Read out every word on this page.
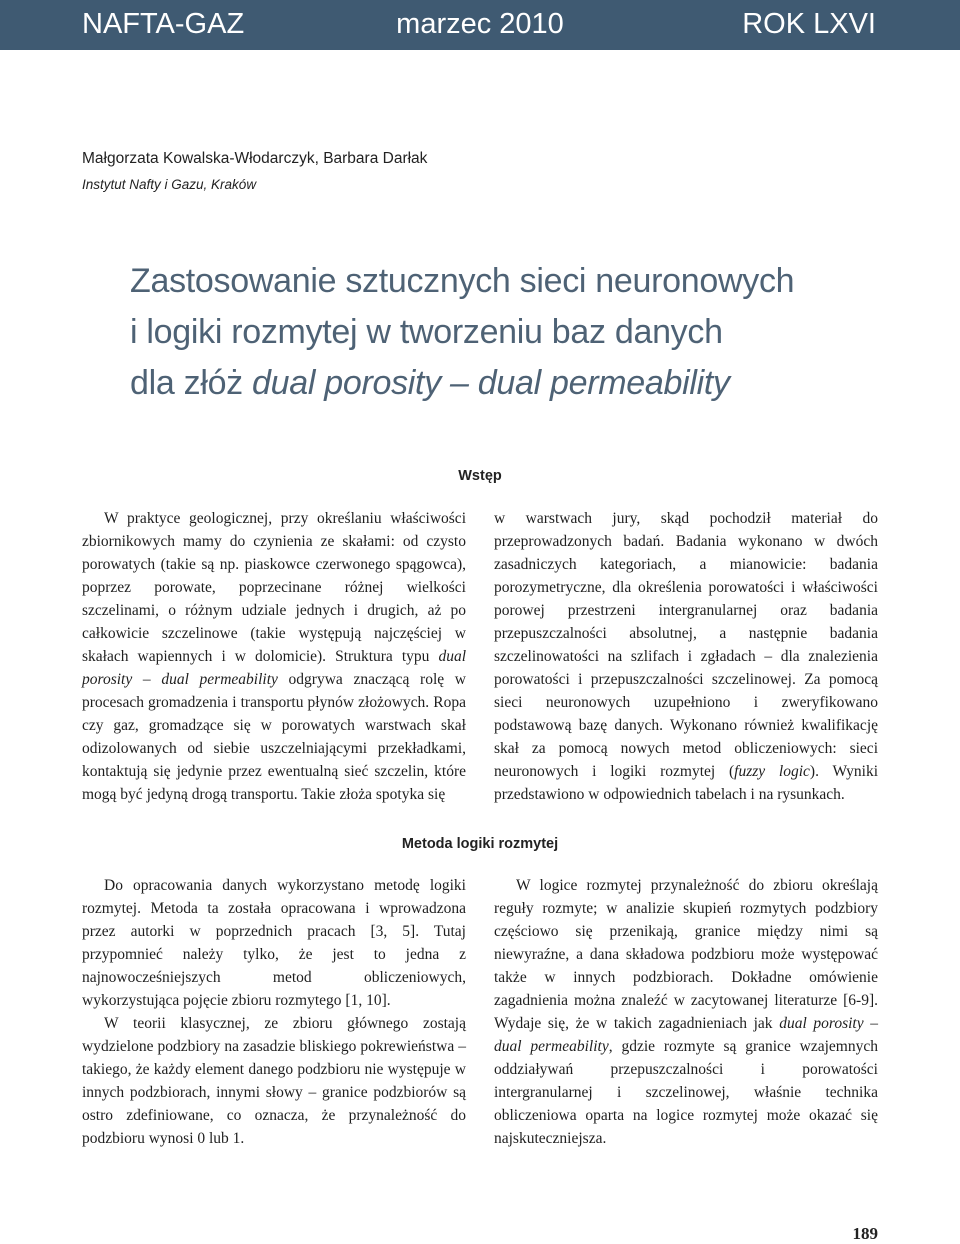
NAFTA-GAZ	marzec 2010	ROK LXVI
Małgorzata Kowalska-Włodarczyk, Barbara Darłak
Instytut Nafty i Gazu, Kraków
Zastosowanie sztucznych sieci neuronowych
i logiki rozmytej w tworzeniu baz danych
dla złóż dual porosity – dual permeability
Wstęp

W praktyce geologicznej, przy określaniu właściwości zbiornikowych mamy do czynienia ze skałami: od czysto porowatych (takie są np. piaskowce czerwonego spągowca), poprzez porowate, poprzecinane różnej wielkości szczelinami, o różnym udziale jednych i drugich, aż po całkowicie szczelinowe (takie występują najczęściej w skałach wapiennych i w dolomicie). Struktura typu dual porosity – dual permeability odgrywa znaczącą rolę w procesach gromadzenia i transportu płynów złożowych. Ropa czy gaz, gromadzące się w porowatych warstwach skał odizolowanych od siebie uszczelniającymi przekładkami, kontaktują się jedynie przez ewentualną sieć szczelin, które mogą być jedyną drogą transportu. Takie złoża spotyka się

w warstwach jury, skąd pochodził materiał do przeprowadzonych badań. Badania wykonano w dwóch zasadniczych kategoriach, a mianowicie: badania porozymetryczne, dla określenia porowatości i właściwości porowej przestrzeni intergranularnej oraz badania przepuszczalności absolutnej, a następnie badania szczelinowatości na szlifach i zgładach – dla znalezienia porowatości i przepuszczalności szczelinowej. Za pomocą sieci neuronowych uzupełniono i zweryfikowano podstawową bazę danych. Wykonano również kwalifikację skał za pomocą nowych metod obliczeniowych: sieci neuronowych i logiki rozmytej (fuzzy logic). Wyniki przedstawiono w odpowiednich tabelach i na rysunkach.

Metoda logiki rozmytej

Do opracowania danych wykorzystano metodę logiki rozmytej. Metoda ta została opracowana i wprowadzona przez autorki w poprzednich pracach [3, 5]. Tutaj przypomnieć należy tylko, że jest to jedna z najnowocześniejszych metod obliczeniowych, wykorzystująca pojęcie zbioru rozmytego [1, 10].

W teorii klasycznej, ze zbioru głównego zostają wydzielone podzbiory na zasadzie bliskiego pokrewieństwa – takiego, że każdy element danego podzbioru nie występuje w innych podzbiorach, innymi słowy – granice podzbiorów są ostro zdefiniowane, co oznacza, że przynależność do podzbioru wynosi 0 lub 1.

W logice rozmytej przynależność do zbioru określają reguły rozmyte; w analizie skupień rozmytych podzbiory częściowo się przenikają, granice między nimi są niewyraźne, a dana składowa podzbioru może występować także w innych podzbiorach. Dokładne omówienie zagadnienia można znaleźć w zacytowanej literaturze [6-9]. Wydaje się, że w takich zagadnieniach jak dual porosity – dual permeability, gdzie rozmyte są granice wzajemnych oddziaływań przepuszczalności i porowatości intergranularnej i szczelinowej, właśnie technika obliczeniowa oparta na logice rozmytej może okazać się najskuteczniejsza.

189
